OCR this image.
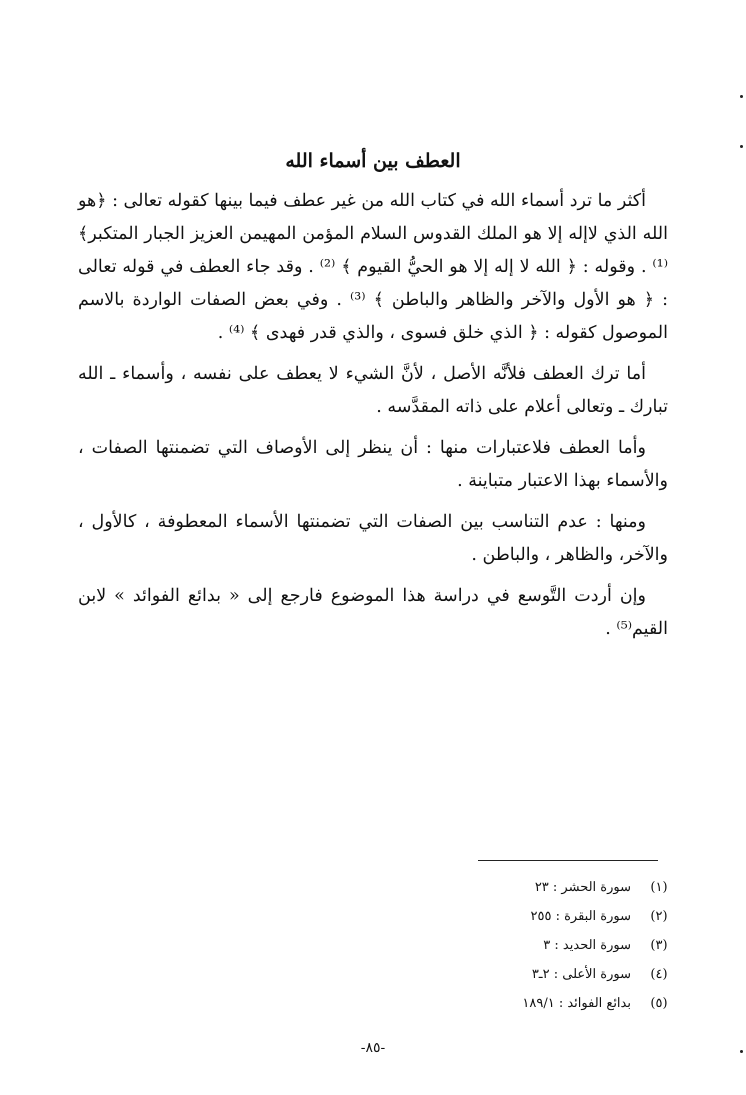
العطف بين أسماء الله

أكثر ما ترد أسماء الله في كتاب الله من غير عطف فيما بينها كقوله تعالى : ﴿هو الله الذي لاإله إلا هو الملك القدوس السلام المؤمن المهيمن العزيز الجبار المتكبر﴾⁽¹⁾ . وقوله : ﴿ الله لا إله إلا هو الحيُّ القيوم ﴾ ⁽²⁾ . وقد جاء العطف في قوله تعالى : ﴿ هو الأول والآخر والظاهر والباطن ﴾ ⁽³⁾ . وفي بعض الصفات الواردة بالاسم الموصول كقوله : ﴿ الذي خلق فسوى ، والذي قدر فهدى ﴾ ⁽⁴⁾ .

أما ترك العطف فلأنَّه الأصل ، لأنَّ الشيء لا يعطف على نفسه ، وأسماء ـ الله تبارك ـ وتعالى أعلام على ذاته المقدَّسه .

وأما العطف فلاعتبارات منها : أن ينظر إلى الأوصاف التي تضمنتها الصفات ، والأسماء بهذا الاعتبار متباينة .

ومنها : عدم التناسب بين الصفات التي تضمنتها الأسماء المعطوفة ، كالأول ، والآخر، والظاهر ، والباطن .

وإن أردت التَّوسع في دراسة هذا الموضوع فارجع إلى « بدائع الفوائد » لابن القيم⁽⁵⁾ .

(١)
سورة الحشر : ٢٣
(٢)
سورة البقرة : ٢٥٥
(٣)
سورة الحديد : ٣
(٤)
سورة الأعلى : ٢ـ٣
(٥)
بدائع الفوائد : ١٨٩/١
-٨٥-
